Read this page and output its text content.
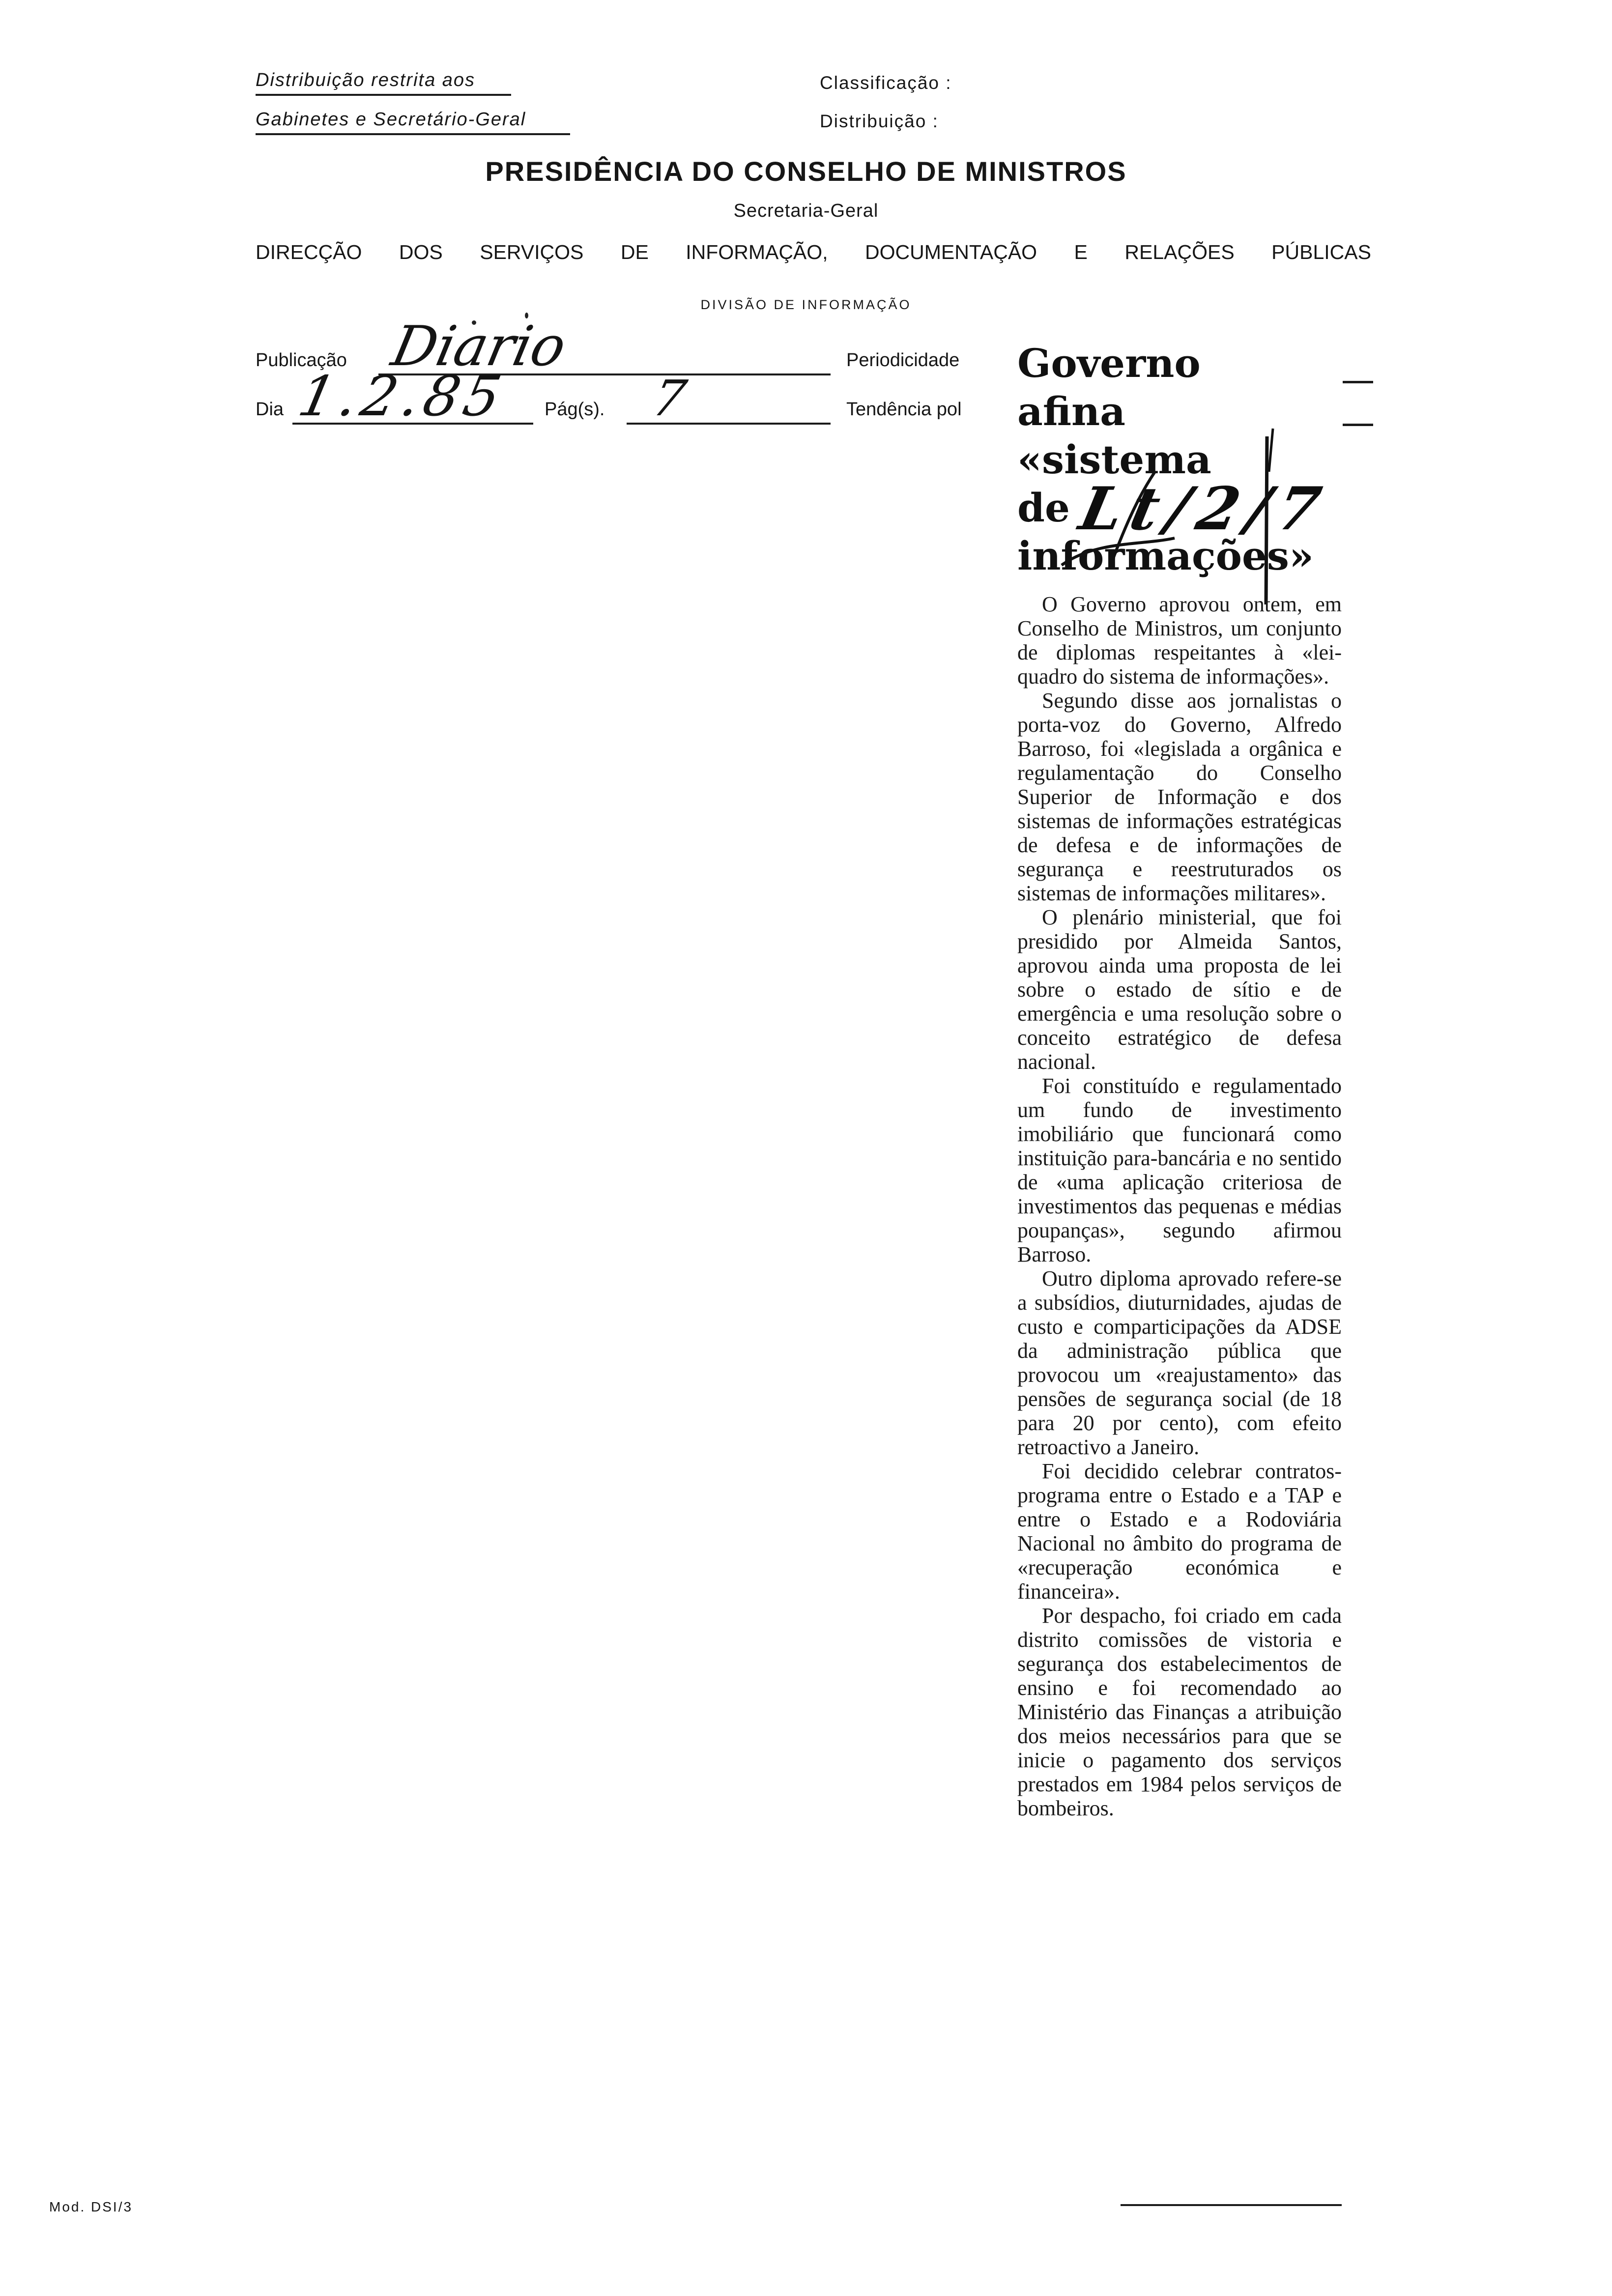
Distribuição restrita aos
Gabinetes e Secretário-Geral
Classificação :
Distribuição :
PRESIDÊNCIA DO CONSELHO DE MINISTROS
Secretaria-Geral
DIRECÇÃO DOS SERVIÇOS DE INFORMAÇÃO, DOCUMENTAÇÃO E RELAÇÕES PÚBLICAS
DIVISÃO DE INFORMAÇÃO
Publicação Diario	Periodicidade
Dia 1.2.85 Pág(s). 7	Tendência pol
Governo
afina
«sistema
de
informações»
Lt/2/7

O Governo aprovou ontem, em Conselho de Ministros, um conjunto de diplomas respeitantes à «lei-quadro do sistema de informações».

Segundo disse aos jornalistas o porta-voz do Governo, Alfredo Barroso, foi «legislada a orgânica e regulamentação do Conselho Superior de Informação e dos sistemas de informações estratégicas de defesa e de informações de segurança e reestruturados os sistemas de informações militares».

O plenário ministerial, que foi presidido por Almeida Santos, aprovou ainda uma proposta de lei sobre o estado de sítio e de emergência e uma resolução sobre o conceito estratégico de defesa nacional.

Foi constituído e regulamentado um fundo de investimento imobiliário que funcionará como instituição para-bancária e no sentido de «uma aplicação criteriosa de investimentos das pequenas e médias poupanças», segundo afirmou Barroso.

Outro diploma aprovado refere-se a subsídios, diuturnidades, ajudas de custo e comparticipações da ADSE da administração pública que provocou um «reajustamento» das pensões de segurança social (de 18 para 20 por cento), com efeito retroactivo a Janeiro.

Foi decidido celebrar contratos-programa entre o Estado e a TAP e entre o Estado e a Rodoviária Nacional no âmbito do programa de «recuperação económica e financeira».

Por despacho, foi criado em cada distrito comissões de vistoria e segurança dos estabelecimentos de ensino e foi recomendado ao Ministério das Finanças a atribuição dos meios necessários para que se inicie o pagamento dos serviços prestados em 1984 pelos serviços de bombeiros.

Mod. DSI/3
